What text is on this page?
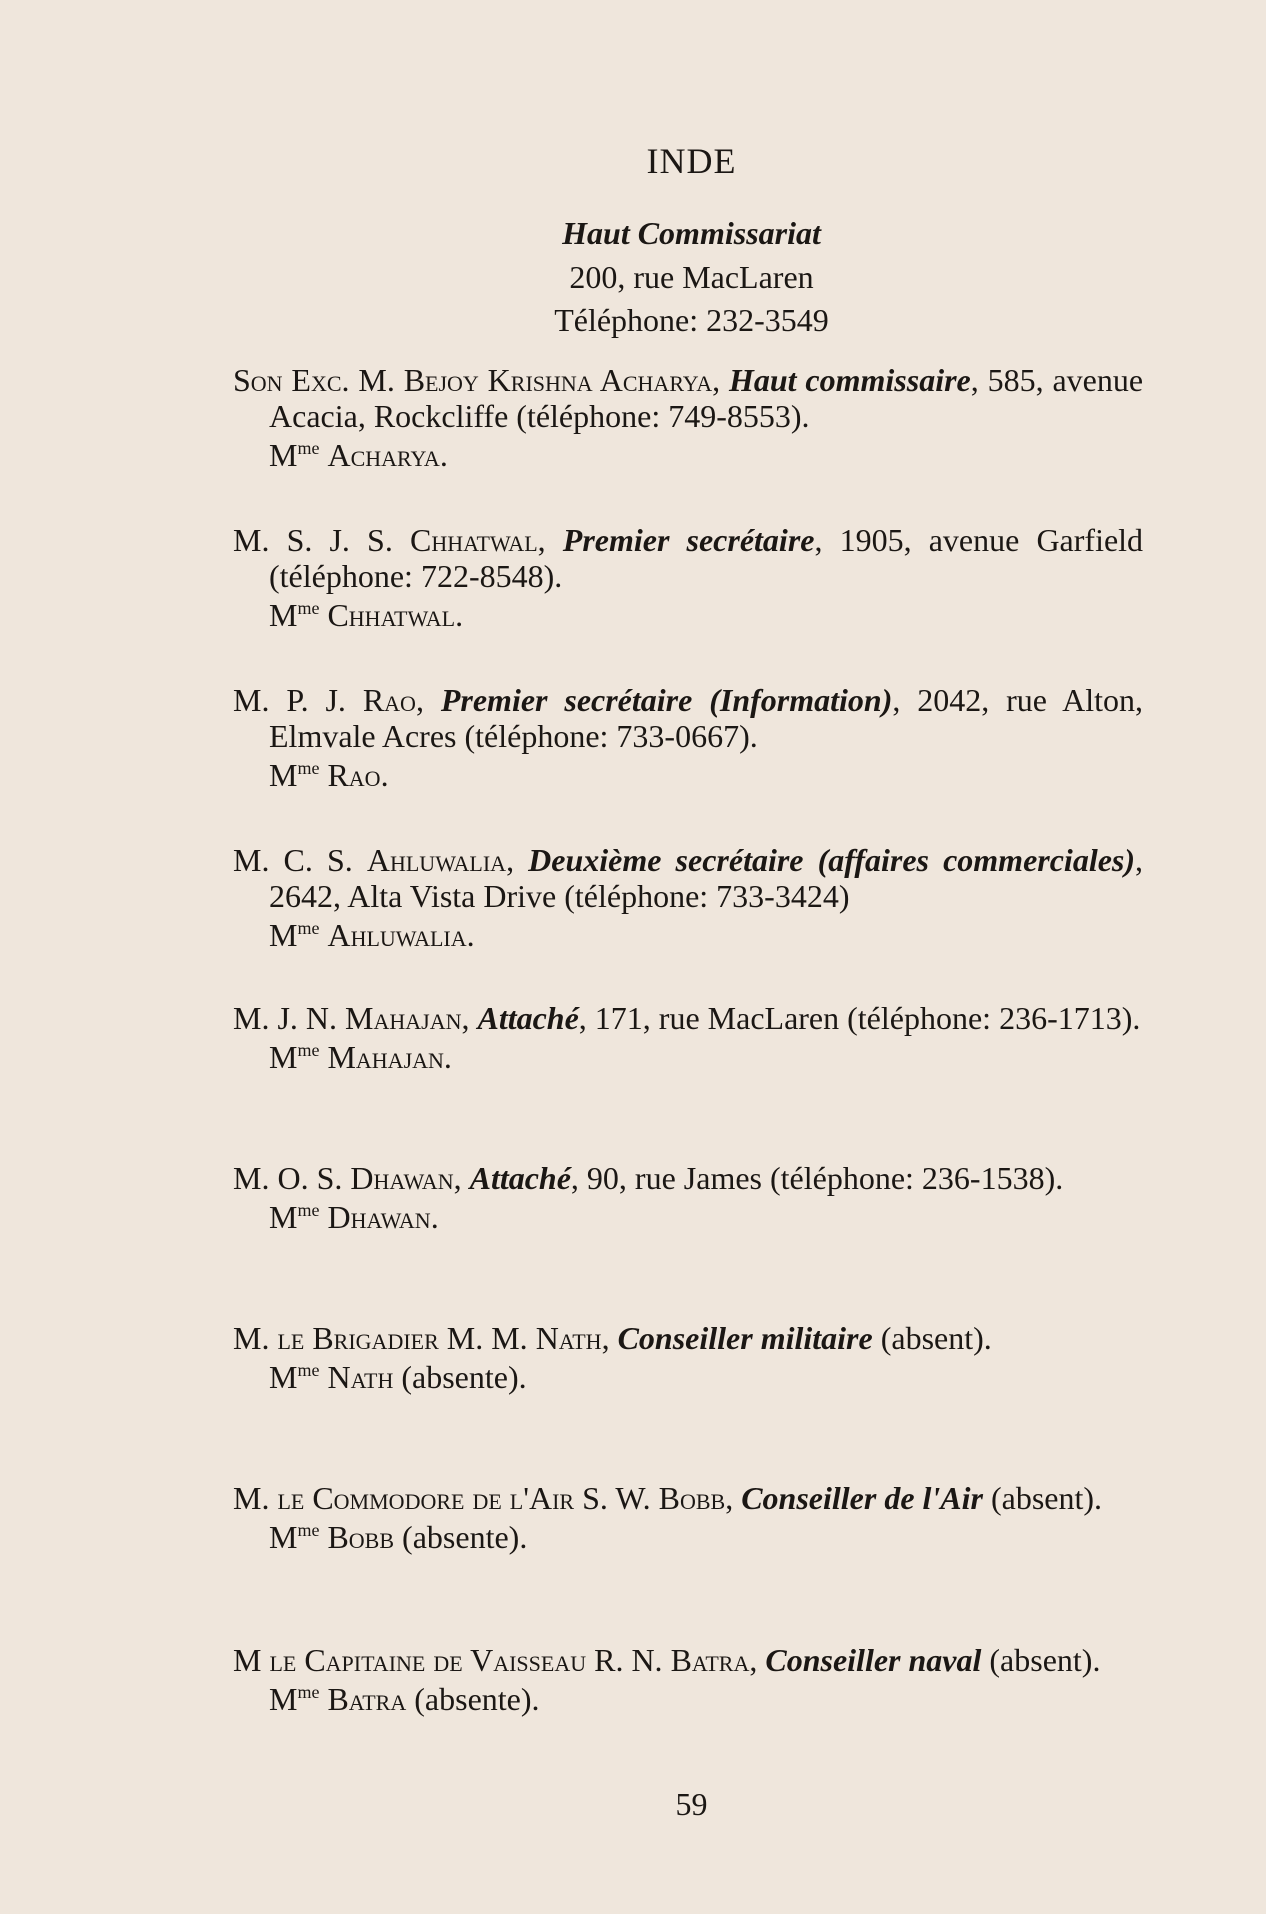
INDE
Haut Commissariat
200, rue MacLaren
Téléphone: 232-3549

Son Exc. M. Bejoy Krishna Acharya, Haut commissaire, 585, avenue Acacia, Rockcliffe (téléphone: 749-8553).

$M^{me}$ Acharya.

M. S. J. S. Chhatwal, Premier secrétaire, 1905, avenue Garfield (téléphone: 722-8548).

$M^{me}$ Chhatwal.

M. P. J. Rao, Premier secrétaire (Information), 2042, rue Alton, Elmvale Acres (téléphone: 733-0667).

$M^{me}$ Rao.

M. C. S. Ahluwalia, Deuxième secrétaire (affaires commerciales), 2642, Alta Vista Drive (téléphone: 733-3424)

$M^{me}$ Ahluwalia.

M. J. N. Mahajan, Attaché, 171, rue MacLaren (téléphone: 236-1713).

$M^{me}$ Mahajan.

M. O. S. Dhawan, Attaché, 90, rue James (téléphone: 236-1538).

$M^{me}$ Dhawan.

M. le Brigadier M. M. Nath, Conseiller militaire (absent).

$M^{me}$ Nath (absente).

M. le Commodore de l'Air S. W. Bobb, Conseiller de l'Air (absent).

$M^{me}$ Bobb (absente).

M le Capitaine de Vaisseau R. N. Batra, Conseiller naval (absent).

$M^{me}$ Batra (absente).
59
